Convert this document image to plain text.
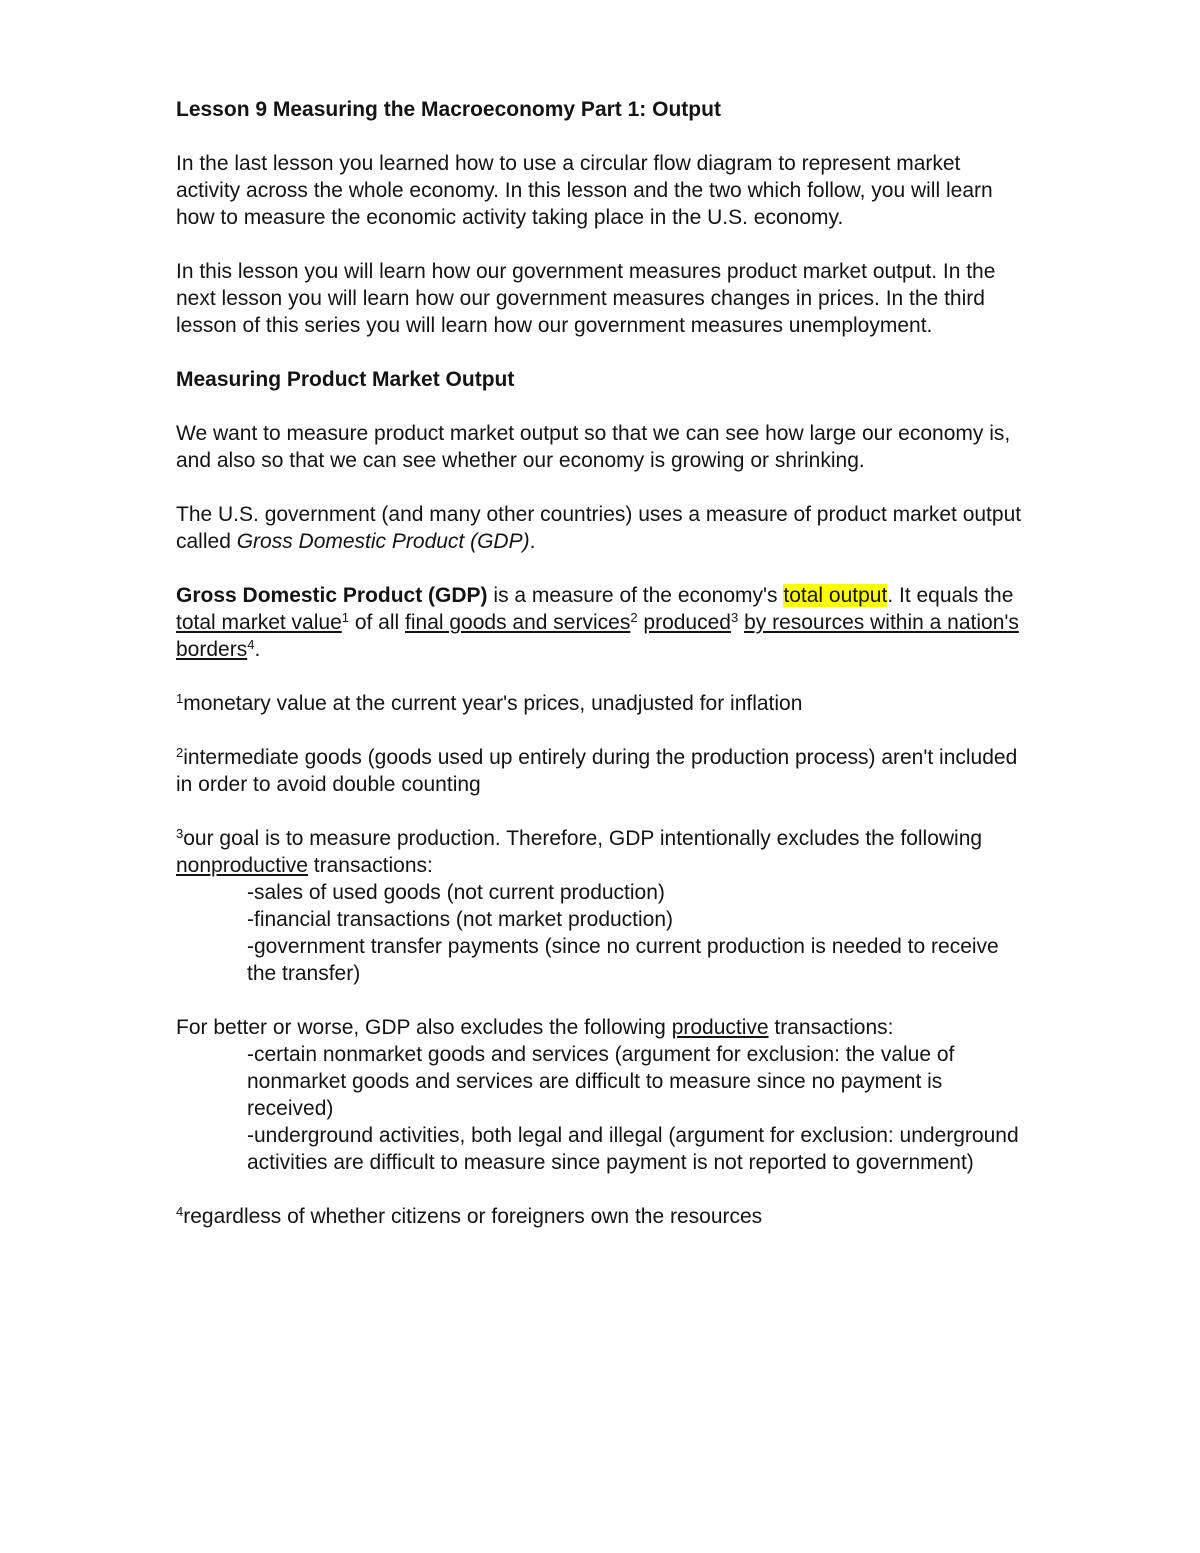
Lesson 9 Measuring the Macroeconomy Part 1: Output

In the last lesson you learned how to use a circular flow diagram to represent market activity across the whole economy. In this lesson and the two which follow, you will learn how to measure the economic activity taking place in the U.S. economy.

In this lesson you will learn how our government measures product market output. In the next lesson you will learn how our government measures changes in prices. In the third lesson of this series you will learn how our government measures unemployment.

Measuring Product Market Output

We want to measure product market output so that we can see how large our economy is, and also so that we can see whether our economy is growing or shrinking.

The U.S. government (and many other countries) uses a measure of product market output called Gross Domestic Product (GDP).

Gross Domestic Product (GDP) is a measure of the economy's total output. It equals the total market value$^1$ of all final goods and services$^2$ produced$^3$ by resources within a nation's borders$^4$.

$^1$monetary value at the current year's prices, unadjusted for inflation

$^2$intermediate goods (goods used up entirely during the production process) aren't included in order to avoid double counting

$^3$our goal is to measure production. Therefore, GDP intentionally excludes the following nonproductive transactions:

-sales of used goods (not current production)

-financial transactions (not market production)

-government transfer payments (since no current production is needed to receive the transfer)

For better or worse, GDP also excludes the following productive transactions:

-certain nonmarket goods and services (argument for exclusion: the value of nonmarket goods and services are difficult to measure since no payment is received)

-underground activities, both legal and illegal (argument for exclusion: underground activities are difficult to measure since payment is not reported to government)

$^4$regardless of whether citizens or foreigners own the resources
